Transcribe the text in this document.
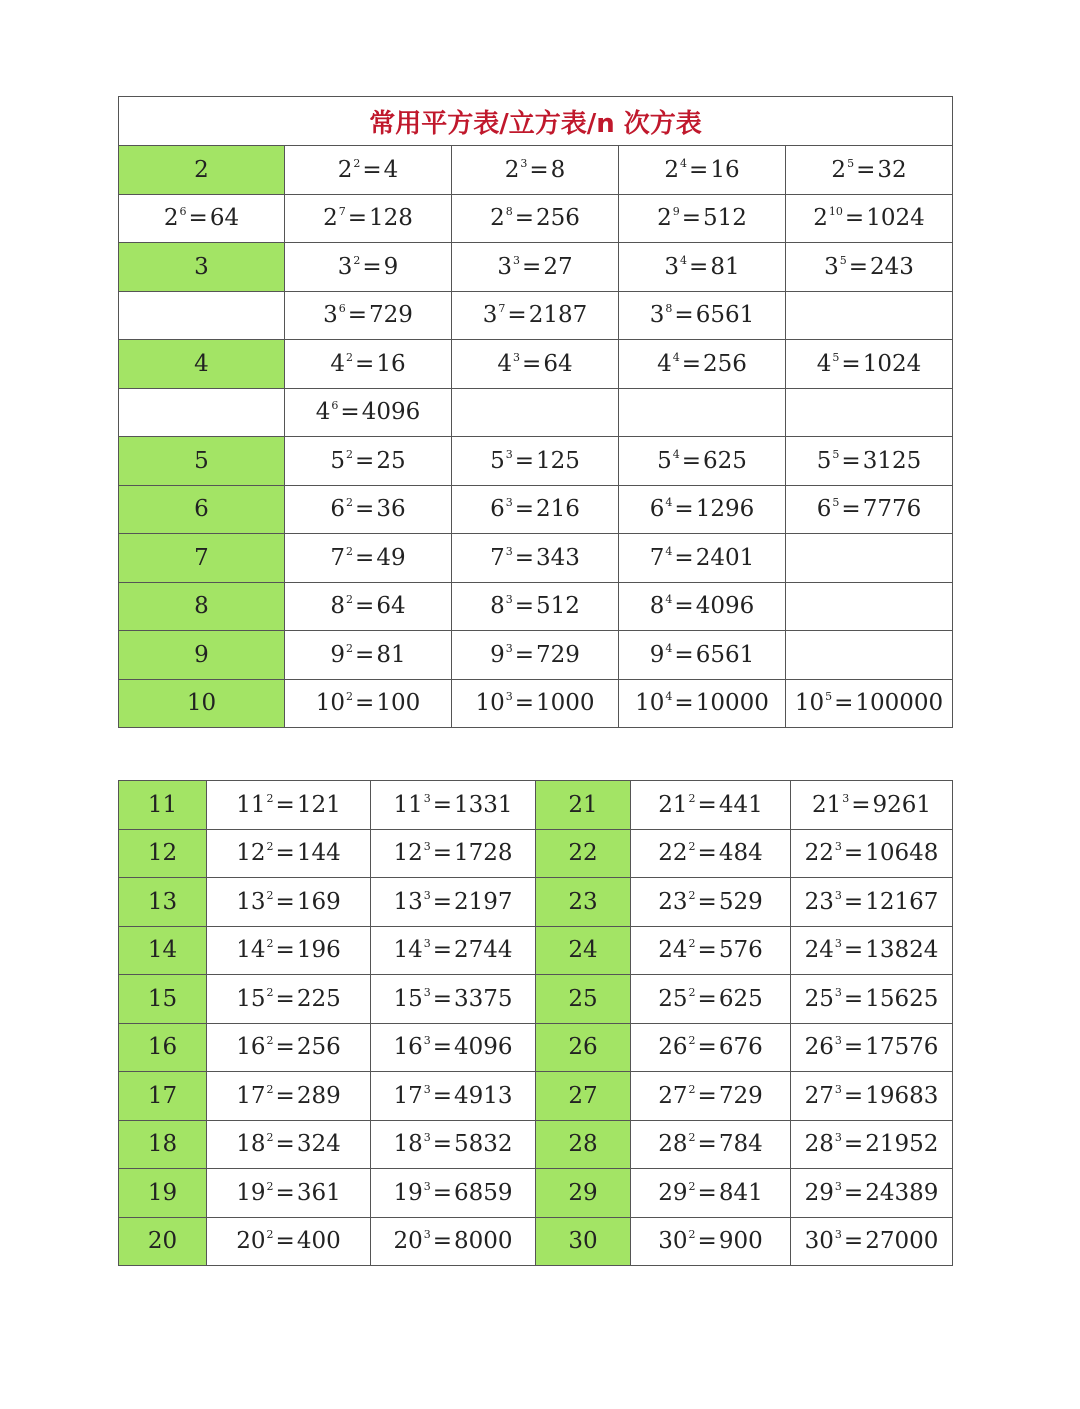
常用平方表/立方表/n 次方表				
2	$2^2=4$	$2^3=8$	$2^4=16$	$2^5=32$
$2^6=64$	$2^7=128$	$2^8=256$	$2^9=512$	$2^{10}=1024$
3	$3^2=9$	$3^3=27$	$3^4=81$	$3^5=243$
	$3^6=729$	$3^7=2187$	$3^8=6561$	
4	$4^2=16$	$4^3=64$	$4^4=256$	$4^5=1024$
	$4^6=4096$			
5	$5^2=25$	$5^3=125$	$5^4=625$	$5^5=3125$
6	$6^2=36$	$6^3=216$	$6^4=1296$	$6^5=7776$
7	$7^2=49$	$7^3=343$	$7^4=2401$	
8	$8^2=64$	$8^3=512$	$8^4=4096$	
9	$9^2=81$	$9^3=729$	$9^4=6561$	
10	$10^2=100$	$10^3=1000$	$10^4=10000$	$10^5=100000$
11	$11^2=121$	$11^3=1331$	21	$21^2=441$	$21^3=9261$
12	$12^2=144$	$12^3=1728$	22	$22^2=484$	$22^3=10648$
13	$13^2=169$	$13^3=2197$	23	$23^2=529$	$23^3=12167$
14	$14^2=196$	$14^3=2744$	24	$24^2=576$	$24^3=13824$
15	$15^2=225$	$15^3=3375$	25	$25^2=625$	$25^3=15625$
16	$16^2=256$	$16^3=4096$	26	$26^2=676$	$26^3=17576$
17	$17^2=289$	$17^3=4913$	27	$27^2=729$	$27^3=19683$
18	$18^2=324$	$18^3=5832$	28	$28^2=784$	$28^3=21952$
19	$19^2=361$	$19^3=6859$	29	$29^2=841$	$29^3=24389$
20	$20^2=400$	$20^3=8000$	30	$30^2=900$	$30^3=27000$
